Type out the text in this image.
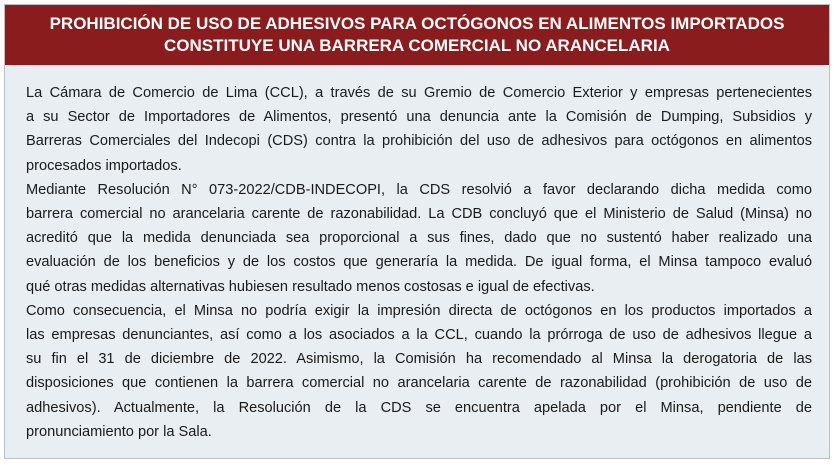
PROHIBICIÓN DE USO DE ADHESIVOS PARA OCTÓGONOS EN ALIMENTOS IMPORTADOS
CONSTITUYE UNA BARRERA COMERCIAL NO ARANCELARIA

La Cámara de Comercio de Lima (CCL), a través de su Gremio de Comercio Exterior y empresas pertenecientes
a su Sector de Importadores de Alimentos, presentó una denuncia ante la Comisión de Dumping, Subsidios y
Barreras Comerciales del Indecopi (CDS) contra la prohibición del uso de adhesivos para octógonos en alimentos
procesados importados.

Mediante Resolución N° 073-2022/CDB-INDECOPI, la CDS resolvió a favor declarando dicha medida como
barrera comercial no arancelaria carente de razonabilidad. La CDB concluyó que el Ministerio de Salud (Minsa) no
acreditó que la medida denunciada sea proporcional a sus fines, dado que no sustentó haber realizado una
evaluación de los beneficios y de los costos que generaría la medida. De igual forma, el Minsa tampoco evaluó
qué otras medidas alternativas hubiesen resultado menos costosas e igual de efectivas.

Como consecuencia, el Minsa no podría exigir la impresión directa de octógonos en los productos importados a
las empresas denunciantes, así como a los asociados a la CCL, cuando la prórroga de uso de adhesivos llegue a
su fin el 31 de diciembre de 2022. Asimismo, la Comisión ha recomendado al Minsa la derogatoria de las
disposiciones que contienen la barrera comercial no arancelaria carente de razonabilidad (prohibición de uso de
adhesivos). Actualmente, la Resolución de la CDS se encuentra apelada por el Minsa, pendiente de
pronunciamiento por la Sala.
